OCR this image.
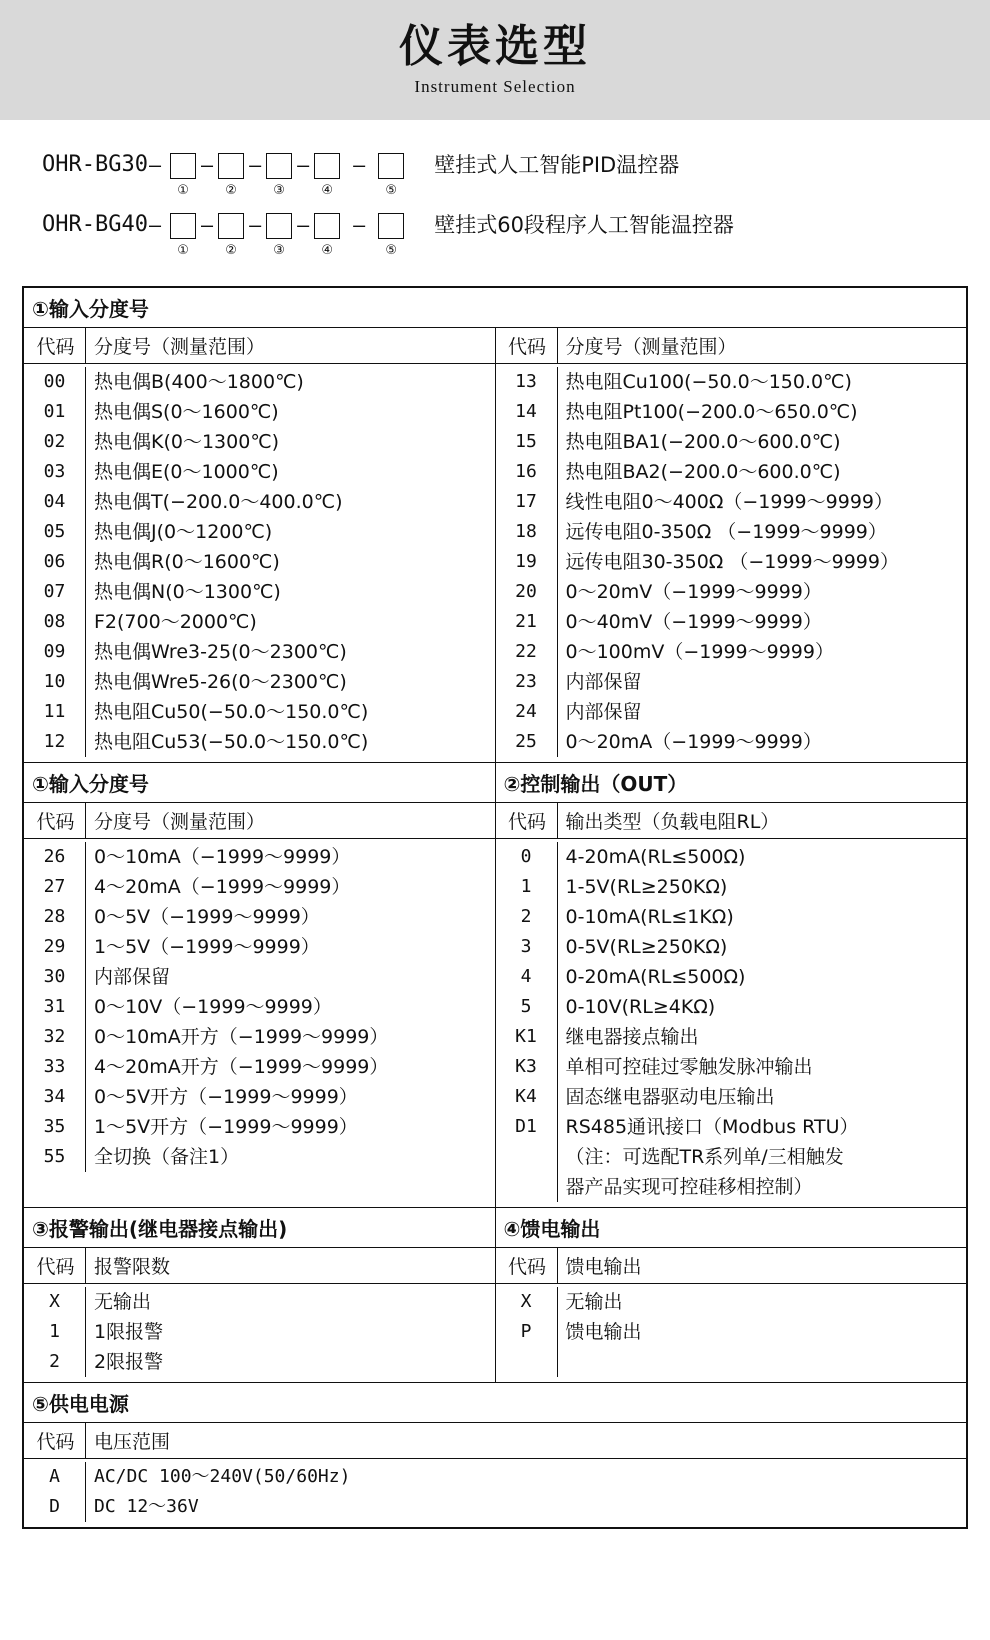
仪表选型
Instrument Selection
OHR-BG30 –
①
–
②
–
③
–
④
–
⑤
壁挂式人工智能PID温控器
OHR-BG40 –
①
–
②
–
③
–
④
–
⑤
壁挂式60段程序人工智能温控器
①输入分度号
代码	分度号（测量范围）
00	热电偶B(400～1800℃)
01	热电偶S(0～1600℃)
02	热电偶K(0～1300℃)
03	热电偶E(0～1000℃)
04	热电偶T(−200.0～400.0℃)
05	热电偶J(0～1200℃)
06	热电偶R(0～1600℃)
07	热电偶N(0～1300℃)
08	F2(700～2000℃)
09	热电偶Wre3-25(0～2300℃)
10	热电偶Wre5-26(0～2300℃)
11	热电阻Cu50(−50.0～150.0℃)
12	热电阻Cu53(−50.0～150.0℃)
代码	分度号（测量范围）
13	热电阻Cu100(−50.0～150.0℃)
14	热电阻Pt100(−200.0～650.0℃)
15	热电阻BA1(−200.0～600.0℃)
16	热电阻BA2(−200.0～600.0℃)
17	线性电阻0～400Ω（−1999～9999）
18	远传电阻0-350Ω （−1999～9999）
19	远传电阻30-350Ω （−1999～9999）
20	0～20mV（−1999～9999）
21	0～40mV（−1999～9999）
22	0～100mV（−1999～9999）
23	内部保留
24	内部保留
25	0～20mA（−1999～9999）
①输入分度号	②控制输出（OUT）
代码	分度号（测量范围）
26	0～10mA（−1999～9999）
27	4～20mA（−1999～9999）
28	0～5V（−1999～9999）
29	1～5V（−1999～9999）
30	内部保留
31	0～10V（−1999～9999）
32	0～10mA开方（−1999～9999）
33	4～20mA开方（−1999～9999）
34	0～5V开方（−1999～9999）
35	1～5V开方（−1999～9999）
55	全切换（备注1）
代码	输出类型（负载电阻RL）
0	4-20mA(RL≤500Ω)
1	1-5V(RL≥250KΩ)
2	0-10mA(RL≤1KΩ)
3	0-5V(RL≥250KΩ)
4	0-20mA(RL≤500Ω)
5	0-10V(RL≥4KΩ)
K1	继电器接点输出
K3	单相可控硅过零触发脉冲输出
K4	固态继电器驱动电压输出
D1	RS485通讯接口（Modbus RTU）
（注：可选配TR系列单/三相触发
器产品实现可控硅移相控制）
③报警输出(继电器接点输出)	④馈电输出
代码	报警限数
X	无输出
1	1限报警
2	2限报警
代码	馈电输出
X	无输出
P	馈电输出

⑤供电电源
代码	电压范围
A	AC/DC 100～240V(50/60Hz)
D	DC 12～36V
